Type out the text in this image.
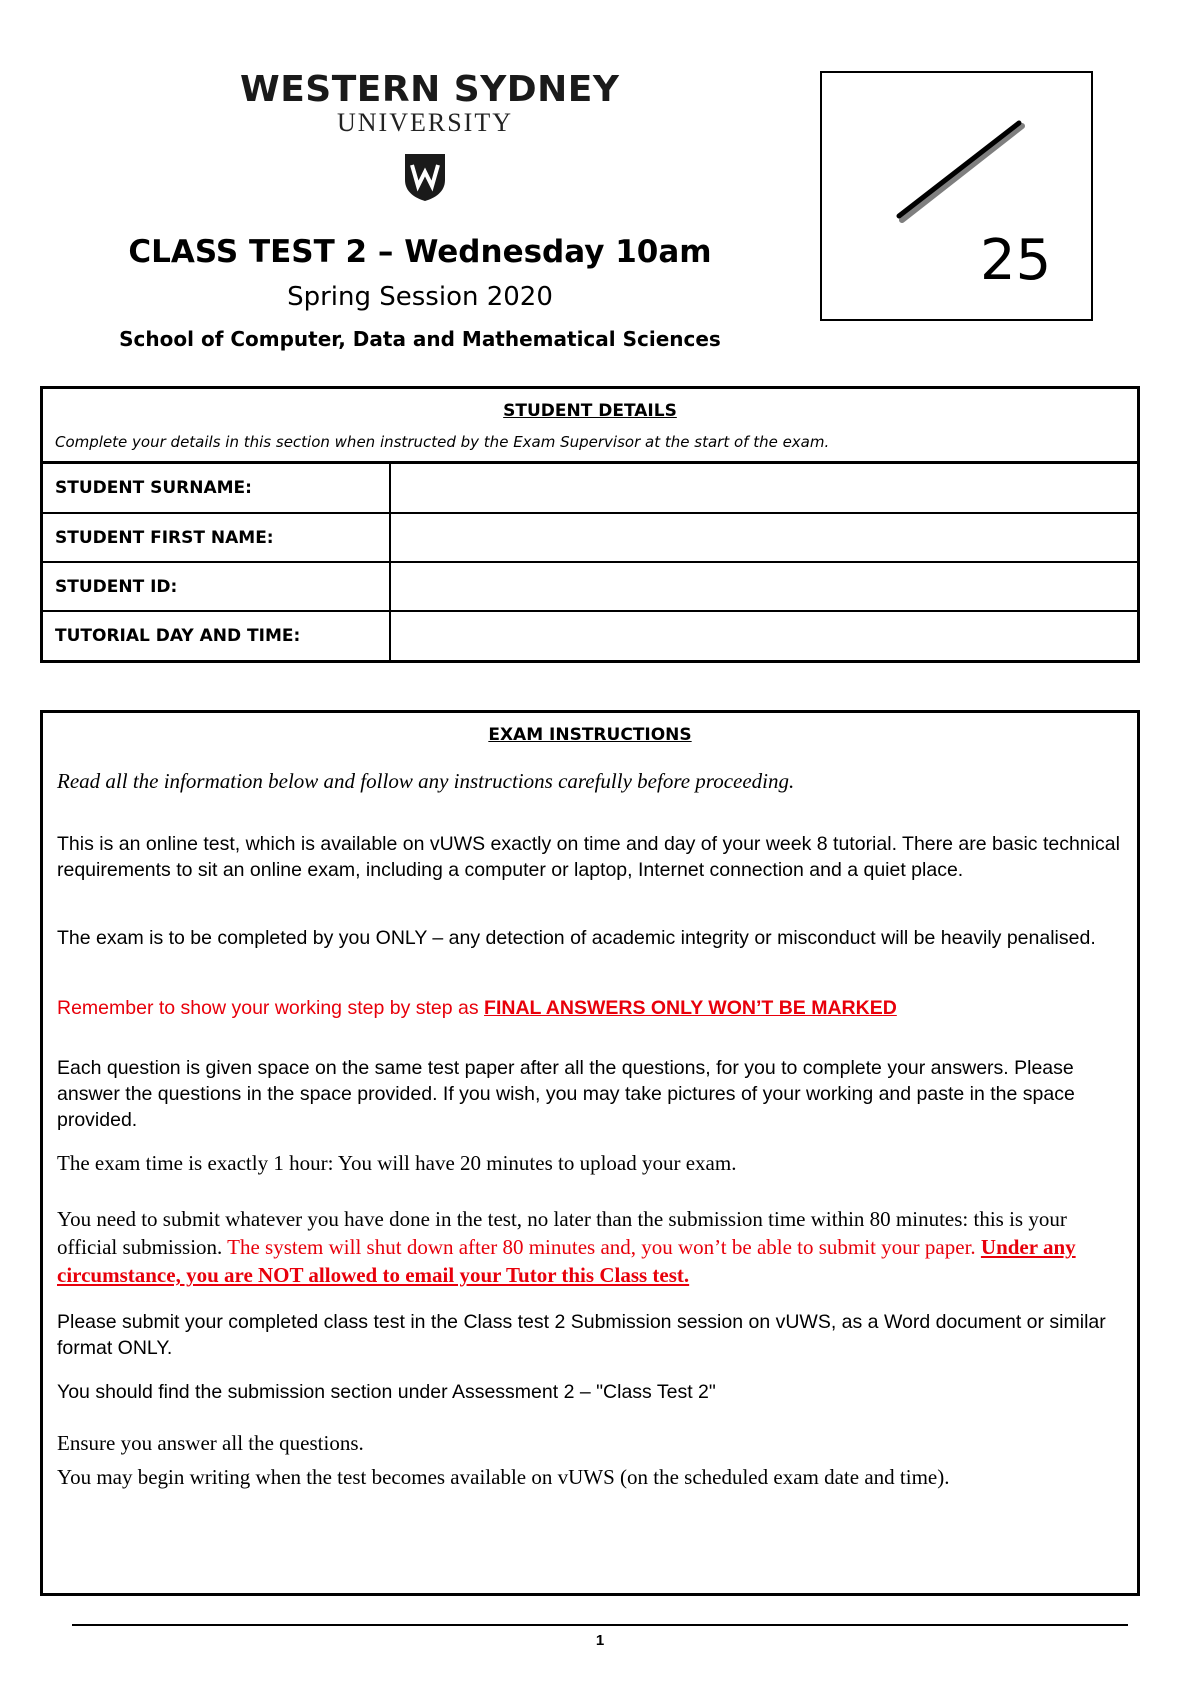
WESTERN SYDNEY
UNIVERSITY
CLASS TEST 2 – Wednesday 10am
Spring Session 2020
School of Computer, Data and Mathematical Sciences
25
STUDENT DETAILS
Complete your details in this section when instructed by the Exam Supervisor at the start of the exam.
STUDENT SURNAME:	
STUDENT FIRST NAME:	
STUDENT ID:	
TUTORIAL DAY AND TIME:	
EXAM INSTRUCTIONS
Read all the information below and follow any instructions carefully before proceeding.
This is an online test, which is available on vUWS exactly on time and day of your week 8 tutorial. There are basic technical requirements to sit an online exam, including a computer or laptop, Internet connection and a quiet place.
The exam is to be completed by you ONLY – any detection of academic integrity or misconduct will be heavily penalised.
Remember to show your working step by step as FINAL ANSWERS ONLY WON’T BE MARKED
Each question is given space on the same test paper after all the questions, for you to complete your answers. Please answer the questions in the space provided. If you wish, you may take pictures of your working and paste in the space provided.
The exam time is exactly 1 hour: You will have 20 minutes to upload your exam.
You need to submit whatever you have done in the test, no later than the submission time within 80 minutes: this is your official submission. The system will shut down after 80 minutes and, you won’t be able to submit your paper. Under any circumstance, you are NOT allowed to email your Tutor this Class test.
Please submit your completed class test in the Class test 2 Submission session on vUWS, as a Word document or similar format ONLY.
You should find the submission section under Assessment 2 – "Class Test 2"
Ensure you answer all the questions.
You may begin writing when the test becomes available on vUWS (on the scheduled exam date and time).
1
